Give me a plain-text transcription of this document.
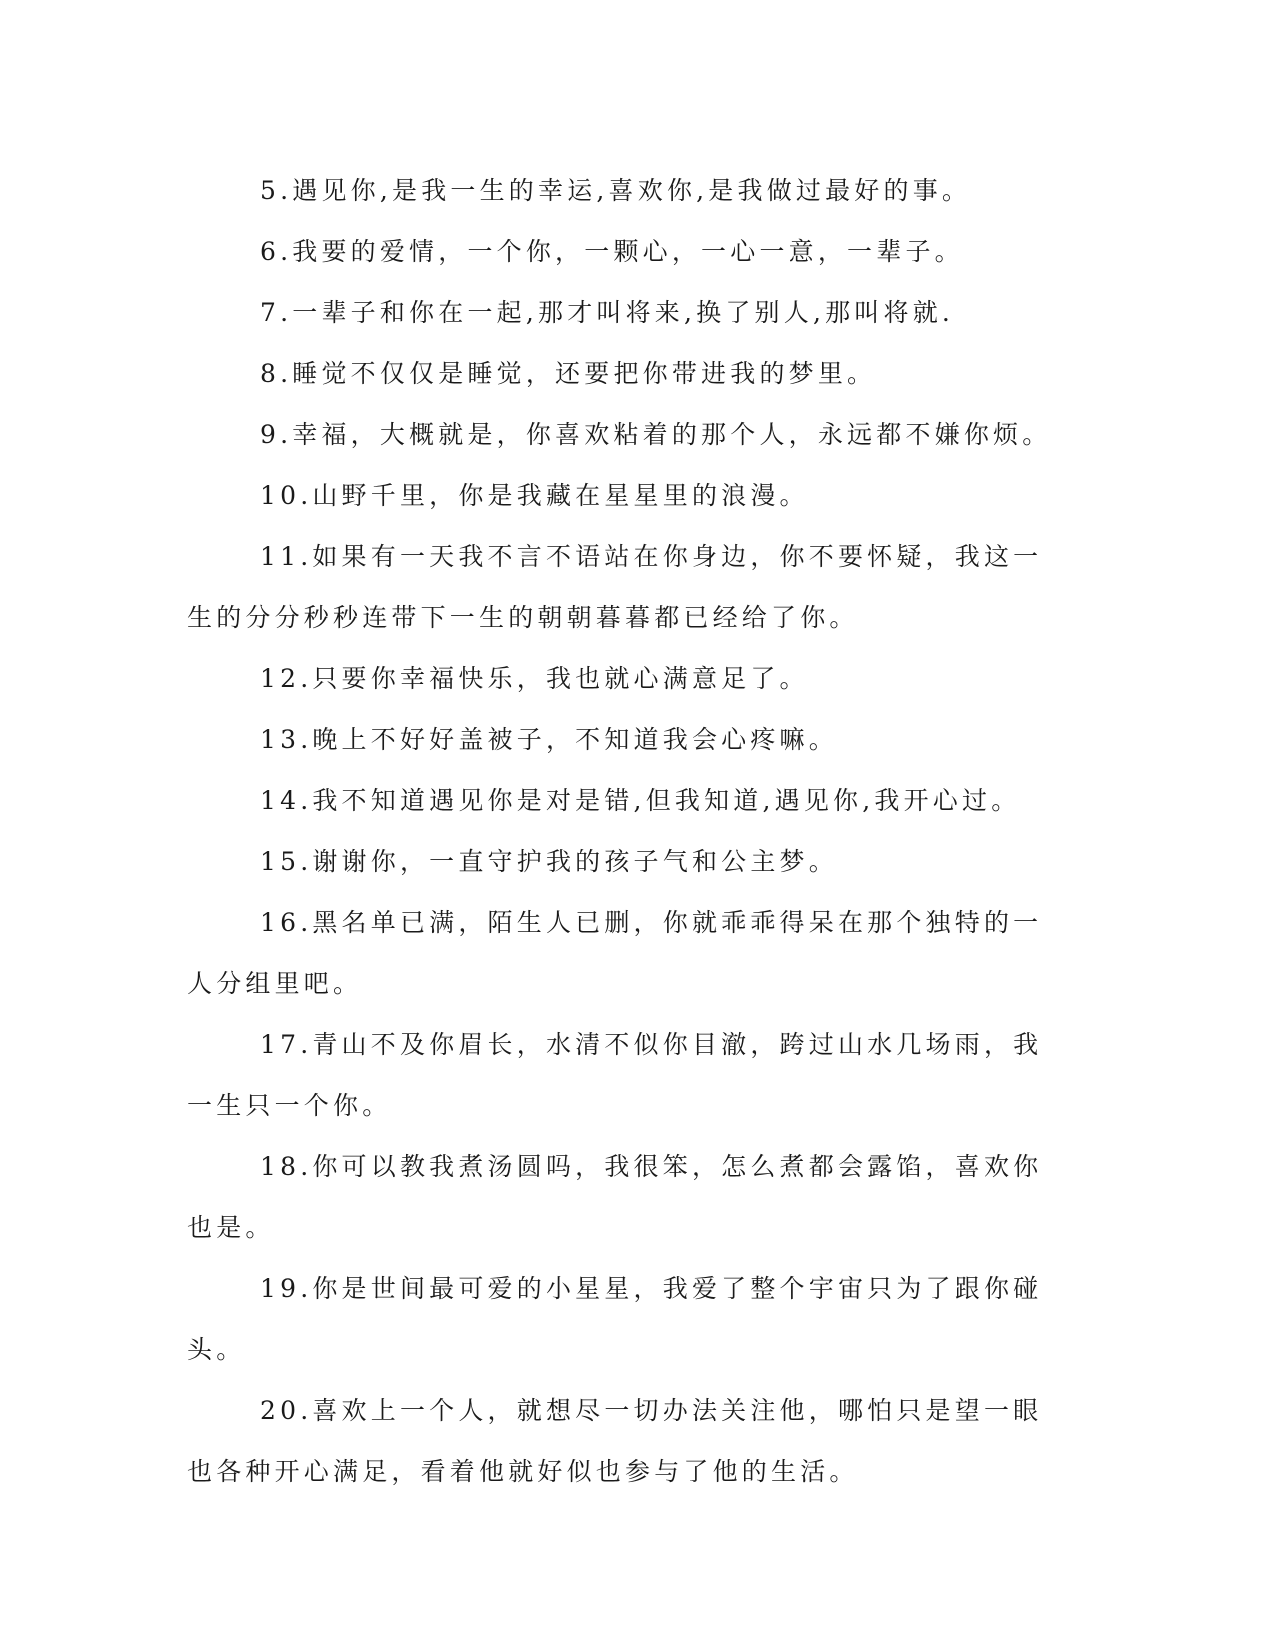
5.遇见你,是我一生的幸运,喜欢你,是我做过最好的事。

6.我要的爱情，一个你，一颗心，一心一意，一辈子。

7.一辈子和你在一起,那才叫将来,换了别人,那叫将就.

8.睡觉不仅仅是睡觉，还要把你带进我的梦里。

9.幸福，大概就是，你喜欢粘着的那个人，永远都不嫌你烦。

10.山野千里，你是我藏在星星里的浪漫。

11.如果有一天我不言不语站在你身边，你不要怀疑，我这一生的分分秒秒连带下一生的朝朝暮暮都已经给了你。

12.只要你幸福快乐，我也就心满意足了。

13.晚上不好好盖被子，不知道我会心疼嘛。

14.我不知道遇见你是对是错,但我知道,遇见你,我开心过。

15.谢谢你，一直守护我的孩子气和公主梦。

16.黑名单已满，陌生人已删，你就乖乖得呆在那个独特的一人分组里吧。

17.青山不及你眉长，水清不似你目澈，跨过山水几场雨，我一生只一个你。

18.你可以教我煮汤圆吗，我很笨，怎么煮都会露馅，喜欢你也是。

19.你是世间最可爱的小星星，我爱了整个宇宙只为了跟你碰头。

20.喜欢上一个人，就想尽一切办法关注他，哪怕只是望一眼也各种开心满足，看着他就好似也参与了他的生活。
